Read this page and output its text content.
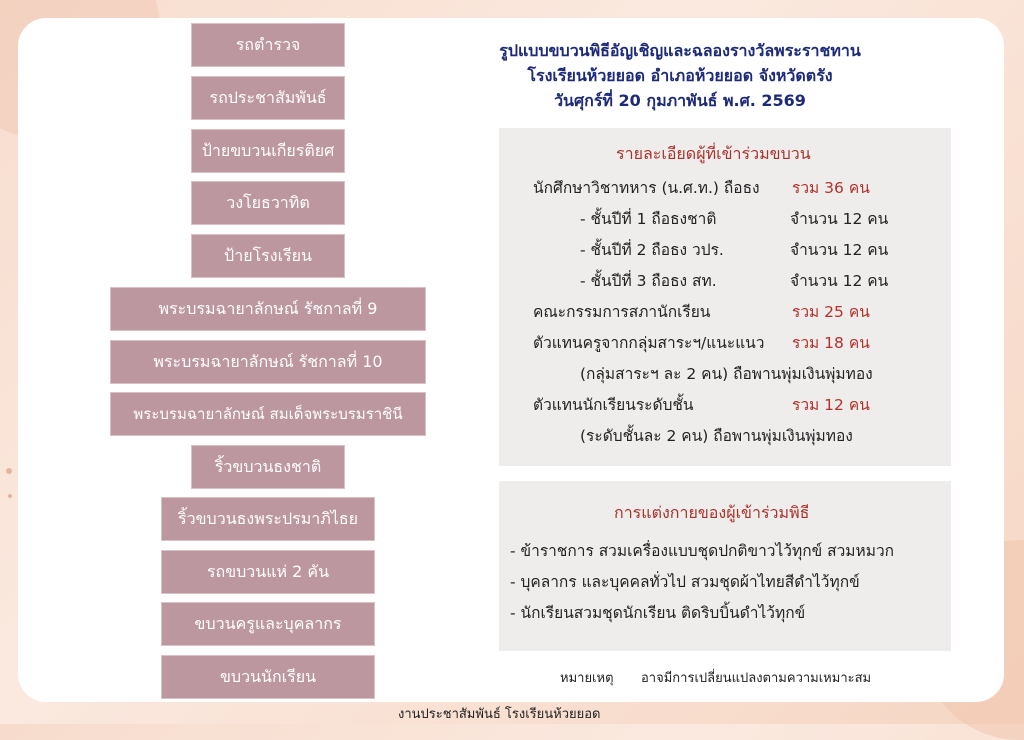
รถตำรวจ
รถประชาสัมพันธ์
ป้ายขบวนเกียรติยศ
วงโยธวาทิต
ป้ายโรงเรียน
พระบรมฉายาลักษณ์ รัชกาลที่ 9
พระบรมฉายาลักษณ์ รัชกาลที่ 10
พระบรมฉายาลักษณ์ สมเด็จพระบรมราชินี
ริ้วขบวนธงชาติ
ริ้วขบวนธงพระปรมาภิไธย
รถขบวนแห่ 2 คัน
ขบวนครูและบุคลากร
ขบวนนักเรียน
รูปแบบขบวนพิธีอัญเชิญและฉลองรางวัลพระราชทาน
โรงเรียนห้วยยอด อำเภอห้วยยอด จังหวัดตรัง
วันศุกร์ที่ 20 กุมภาพันธ์ พ.ศ. 2569
รายละเอียดผู้ที่เข้าร่วมขบวน
นักศึกษาวิชาทหาร (น.ศ.ท.) ถือธง รวม 36 คน
- ชั้นปีที่ 1 ถือธงชาติ	จำนวน 12 คน
- ชั้นปีที่ 2 ถือธง วปร.	จำนวน 12 คน
- ชั้นปีที่ 3 ถือธง สท.	จำนวน 12 คน
คณะกรรมการสภานักเรียน	รวม 25 คน
ตัวแทนครูจากกลุ่มสาระฯ/แนะแนว รวม 18 คน
(กลุ่มสาระฯ ละ 2 คน) ถือพานพุ่มเงินพุ่มทอง
ตัวแทนนักเรียนระดับชั้น	รวม 12 คน
(ระดับชั้นละ 2 คน) ถือพานพุ่มเงินพุ่มทอง
การแต่งกายของผู้เข้าร่วมพิธี
- ข้าราชการ สวมเครื่องแบบชุดปกติขาวไว้ทุกข์ สวมหมวก
- บุคลากร และบุคคลทั่วไป สวมชุดผ้าไทยสีดำไว้ทุกข์
- นักเรียนสวมชุดนักเรียน ติดริบบิ้นดำไว้ทุกข์
หมายเหตุ อาจมีการเปลี่ยนแปลงตามความเหมาะสม
งานประชาสัมพันธ์ โรงเรียนห้วยยอด
